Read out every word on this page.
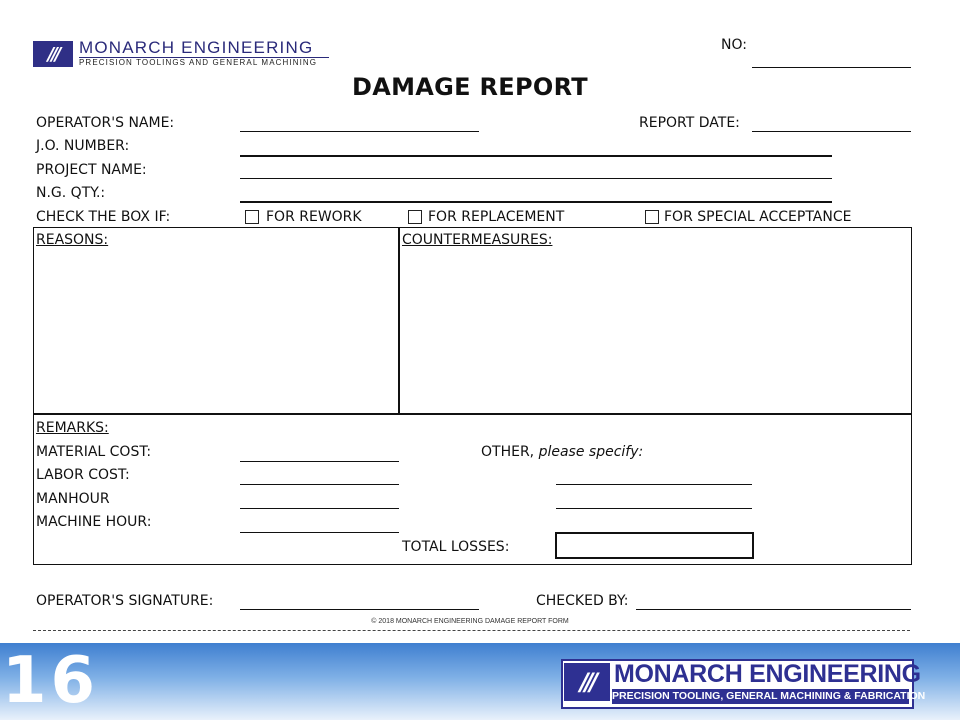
/// MONARCH ENGINEERING
PRECISION TOOLINGS AND GENERAL MACHINING
NO:
DAMAGE REPORT
OPERATOR'S NAME:	REPORT DATE:
J.O. NUMBER:
PROJECT NAME:
N.G. QTY.:
CHECK THE BOX IF:	FOR REWORK	FOR REPLACEMENT	FOR SPECIAL ACCEPTANCE
REASONS:	COUNTERMEASURES:
REMARKS:
MATERIAL COST:
LABOR COST:
MANHOUR
MACHINE HOUR:
OTHER, please specify:
TOTAL LOSSES:
OPERATOR'S SIGNATURE:	CHECKED BY:
© 2018 MONARCH ENGINEERING DAMAGE REPORT FORM
16	/// MONARCH ENGINEERING
PRECISION TOOLING, GENERAL MACHINING & FABRICATION
